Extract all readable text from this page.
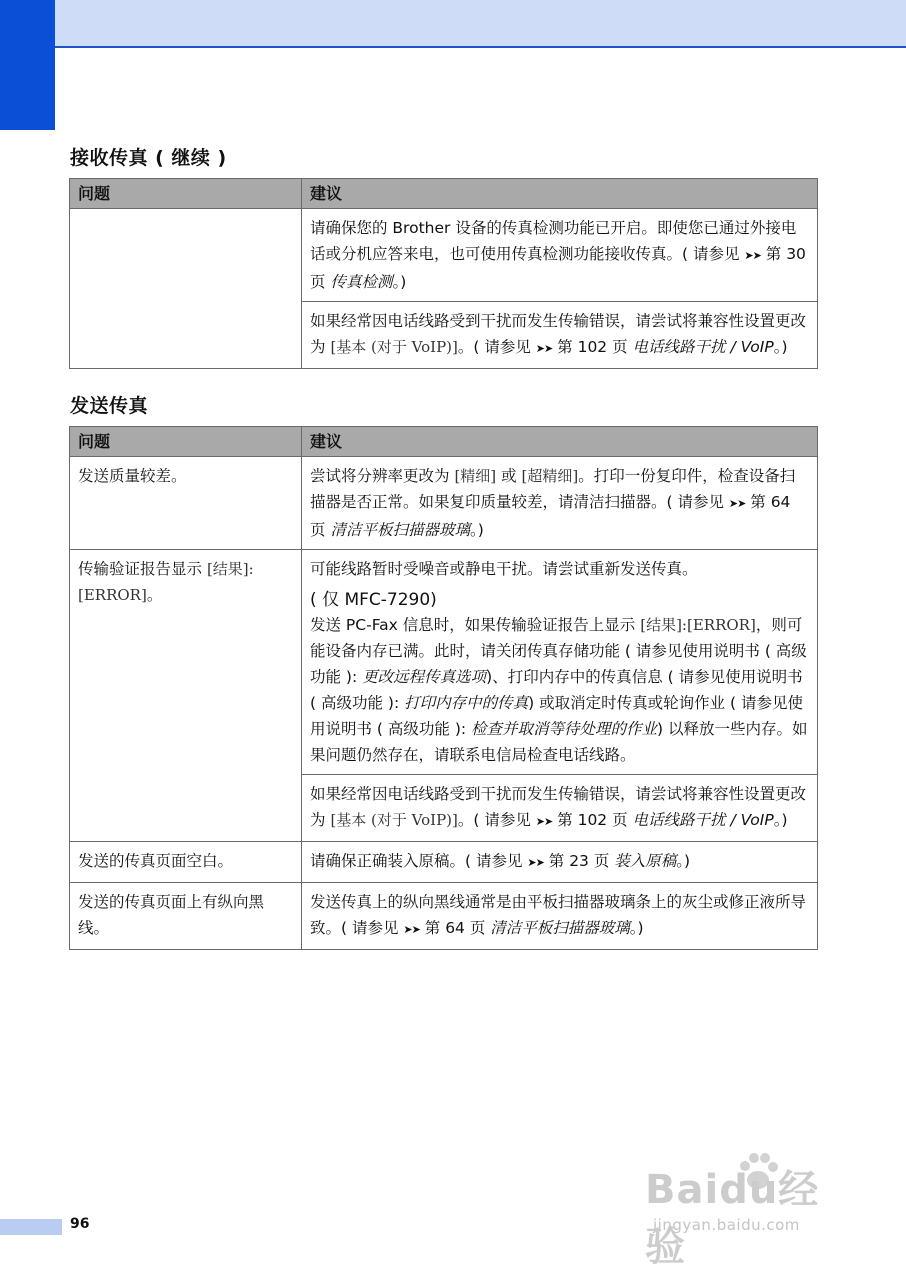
接收传真 ( 继续 )
问题	建议
	请确保您的 Brother 设备的传真检测功能已开启。即使您已通过外接电话或分机应答来电，也可使用传真检测功能接收传真。( 请参见 ➤➤ 第 30 页 传真检测。)
	如果经常因电话线路受到干扰而发生传输错误，请尝试将兼容性设置更改为 [基本 (对于 VoIP)]。( 请参见 ➤➤ 第 102 页 电话线路干扰 / VoIP。)
发送传真
问题	建议
发送质量较差。	尝试将分辨率更改为 [精细] 或 [超精细]。打印一份复印件，检查设备扫描器是否正常。如果复印质量较差，请清洁扫描器。( 请参见 ➤➤ 第 64 页 清洁平板扫描器玻璃。)
传输验证报告显示 [结果]:[ERROR]。	可能线路暂时受噪音或静电干扰。请尝试重新发送传真。
( 仅 MFC-7290)
发送 PC-Fax 信息时，如果传输验证报告上显示 [结果]:[ERROR]，则可能设备内存已满。此时，请关闭传真存储功能 ( 请参见使用说明书 ( 高级功能 ): 更改远程传真选项)、打印内存中的传真信息 ( 请参见使用说明书 ( 高级功能 ): 打印内存中的传真) 或取消定时传真或轮询作业 ( 请参见使用说明书 ( 高级功能 ): 检查并取消等待处理的作业) 以释放一些内存。如果问题仍然存在，请联系电信局检查电话线路。
	如果经常因电话线路受到干扰而发生传输错误，请尝试将兼容性设置更改为 [基本 (对于 VoIP)]。( 请参见 ➤➤ 第 102 页 电话线路干扰 / VoIP。)
发送的传真页面空白。	请确保正确装入原稿。( 请参见 ➤➤ 第 23 页 装入原稿。)
发送的传真页面上有纵向黑线。	发送传真上的纵向黑线通常是由平板扫描器玻璃条上的灰尘或修正液所导致。( 请参见 ➤➤ 第 64 页 清洁平板扫描器玻璃。)
96
Baidu经验
jingyan.baidu.com
